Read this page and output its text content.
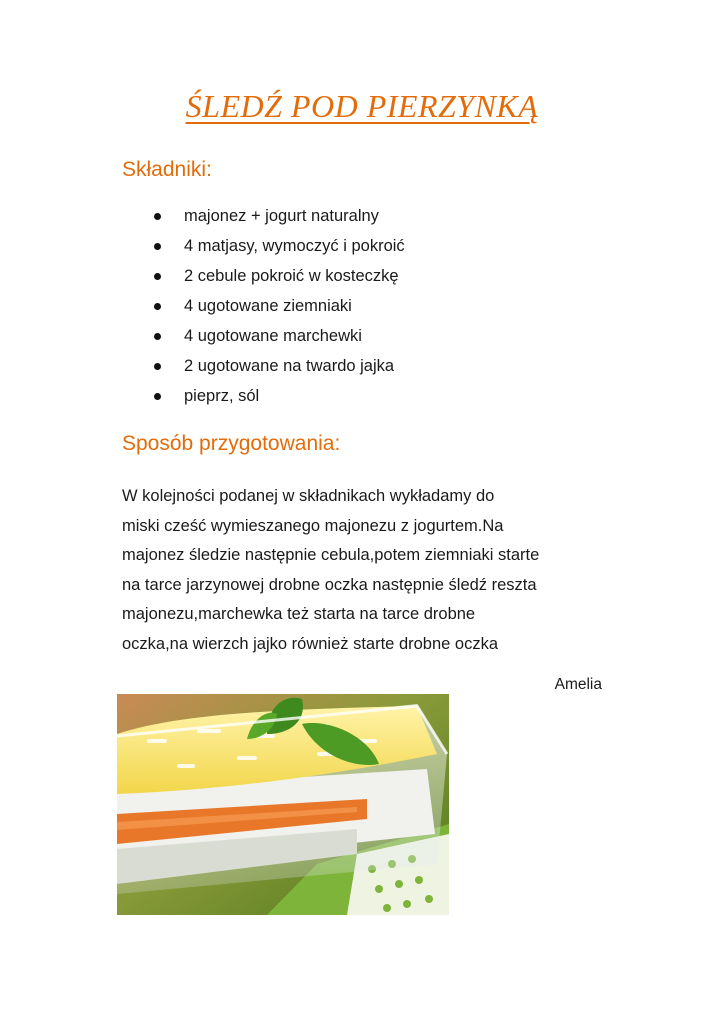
ŚLEDŹ POD PIERZYNKĄ
Składniki:
majonez + jogurt naturalny
4 matjasy, wymoczyć i pokroić
2 cebule pokroić w kosteczkę
4 ugotowane ziemniaki
4 ugotowane marchewki
2 ugotowane na twardo jajka
pieprz, sól
Sposób przygotowania:

W kolejności podanej w składnikach wykładamy do
miski cześć wymieszanego majonezu z jogurtem.Na
majonez śledzie następnie cebula,potem ziemniaki starte
na tarce jarzynowej drobne oczka następnie śledź reszta
majonezu,marchewka też starta na tarce drobne
oczka,na wierzch jajko również starte drobne oczka

Amelia
